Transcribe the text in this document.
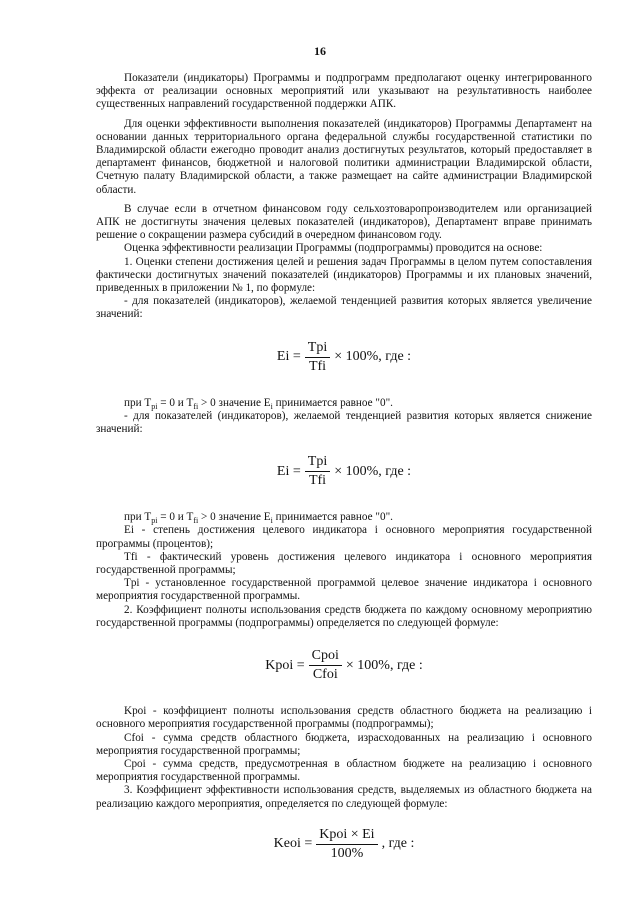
16

Показатели (индикаторы) Программы и подпрограмм предполагают оценку интегрированного эффекта от реализации основных мероприятий или указывают на результативность наиболее существенных направлений государственной поддержки АПК.

Для оценки эффективности выполнения показателей (индикаторов) Программы Департамент на основании данных территориального органа федеральной службы государственной статистики по Владимирской области ежегодно проводит анализ достигнутых результатов, который предоставляет в департамент финансов, бюджетной и налоговой политики администрации Владимирской области, Счетную палату Владимирской области, а также размещает на сайте администрации Владимирской области.

В случае если в отчетном финансовом году сельхозтоваропроизводителем или организацией АПК не достигнуты значения целевых показателей (индикаторов), Департамент вправе принимать решение о сокращении размера субсидий в очередном финансовом году.

Оценка эффективности реализации Программы (подпрограммы) проводится на основе:

1. Оценки степени достижения целей и решения задач Программы в целом путем сопоставления фактически достигнутых значений показателей (индикаторов) Программы и их плановых значений, приведенных в приложении № 1, по формуле:

- для показателей (индикаторов), желаемой тенденцией развития которых является увеличение значений:

$Ei = \frac{\text{Tpi}}{\text{Tfi}} \times 100\%$, где :

при $T_{pi} = 0$ и $T_{fi} > 0$ значение $E_i$ принимается равное "0".

- для показателей (индикаторов), желаемой тенденцией развития которых является снижение значений:

$Ei = \frac{\text{Tpi}}{\text{Tfi}} \times 100\%$, где :

при $T_{pi} = 0$ и $T_{fi} > 0$ значение $E_i$ принимается равное "0".

Ei - степень достижения целевого индикатора i основного мероприятия государственной программы (процентов);

Tfi - фактический уровень достижения целевого индикатора i основного мероприятия государственной программы;

Tpi - установленное государственной программой целевое значение индикатора i основного мероприятия государственной программы.

2. Коэффициент полноты использования средств бюджета по каждому основному мероприятию государственной программы (подпрограммы) определяется по следующей формуле:

Kpoi = $\frac{\text{Cpoi}}{\text{Cfoi}} \times 100\%$, где :

Kpoi - коэффициент полноты использования средств областного бюджета на реализацию i основного мероприятия государственной программы (подпрограммы);

Cfoi - сумма средств областного бюджета, израсходованных на реализацию i основного мероприятия государственной программы;

Cpoi - сумма средств, предусмотренная в областном бюджете на реализацию i основного мероприятия государственной программы.

3. Коэффициент эффективности использования средств, выделяемых из областного бюджета на реализацию каждого мероприятия, определяется по следующей формуле:

Keoi = $\frac{\text{Kpoi × Ei}}{100\%}$ , где :
